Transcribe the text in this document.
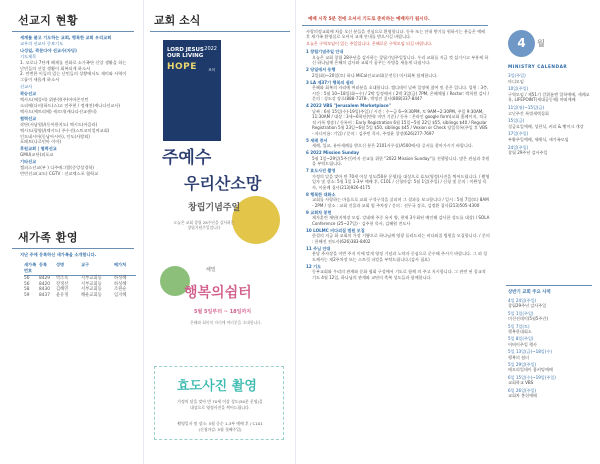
선교지 현황
세계를 품고 기도하는 교회, 행복한 교회 우리교회
교우의 선교사 중보기도
나성일, 곽문다야 선교사(자딩)
기도제목
1. 코로나 7단계 해제를 전화로 소가족단 신앙 생활을 하는
난민들의 신앙 생활이 회복되게 하소서
2. 연변한 이들의 있는 난민들의 상황에서도 재미와 사역이
그룹이 새롭게 하소서
선교사
곽승선교
엑사드(에플비) 위관현(주)아마존인턴
소피에(다비(하드)스)고 전주현 / 정재진(캐나다선교사)
엑사드(에트리에) 세르미(캐나다선교센터)
협력선교
작단(서남원)/(동아한지도) 엑시드(아클라)
엑시드(평양)/(엑시드) 주수선(스트코미얼여교회)
인도네시아(동남아시아), 인도(사랑외)
포페트(나로민아 이아)
후원교회 | 협력선교
GMU(교단)외포교
기타선교
캠퍼스선교(부 ) 디주에그람(중앙성경학)
빈민선교(교도) CGTV : 선교엑스포 협력교
새가족 환영
지난 주에 등록하신 새가족을 소개합니다.
새가족 번호
등록	성명	교구	배가처
56	8429	박조옥	서부교회등	하성혜
56	8420	강정선	서부교회등	하성혜
58	8430	김혜민	서부교회등	조원순
59	8437	윤유정	해운교회등	임지혜
교회 소식
LORD JESUS
OUR LIVING
HOPE
2022
표어
주예수
우리산소망
창립기념주일
오늘은 교회 창립 28주년을 감사하는
창립기념주일입니다
해밀
행복의쉼터
5월 5일부터 ~ 18일까지
은혜와 회복의 자리에 여러분을 초대합니다.
효도사진 촬영
가정의 달을 맞아 만 70세 이상 성도(50분 운영)을
대상으로 영정사진을 찍어드립니다.
촬영일자 및 장소: 5월 중순 1-3부 예배 후 / C101
(신청마감: 5월 첫째주일)
예배 시작 5분 전에 오셔서 기도로 준비하는 예배자가 됩시다.
사랑의정교회에 처음 오신 분들을 진심으로 환영합니다. 등록 또는 안내 받기를 원하시는 분들은 예배 후 새가족 환영실로 오셔서 교제 안내를 받으시길 바랍니다.
오늘은 구역모임이 있는 주일입니다. 은혜로운 구역모임 되길 바랍니다.
1 창립기념주일 안내
오늘은 교회 창립 28주년을 감사하는 창립기념주일입니다. 우리 교회를 지금 껏 섬기시고 부흥케 하신 하나님께 은혜의 감사와 교회가 꿈꾸는 사명을 새롭게 다짐시다.
2 당일에서 동행
2일(화)~20일(토) 하나 MiCal선교교회(문전동) 미사회복 함께합니다.
3 LA 제37기 행복의 쉼터
은혜와 회복의 자리에 여러분을 초대합니다. 캠디데이 날짜 일정에 참여 및 운은 입니다. 입원 : 3층, 시간 : 5월 10~18일(화~수) / 2박 일정에서 / 2박 3일(금) 7PM, 은혜체험 / Rector: 박희원 감사 / 문의 : 성도강 장로(888-7378-, 박정진 집사(808)337-8447
4 2022 VBS "Jerusalem Marketplace"
날짜 : 6월 15일(수)-19일(주일) / 시간 : 수~금 6~9:30PM, 토 9AM~2:30PM, 주일 9:30AM, 11:30AM / 대상 : 3세~6학년(만학 미만 기준) / 등록 : 온라인 google form(교회 홈페이지, 적극적 카톡 방송) / 등록비 : Early Registration 6월 15일~5월 22일 $55, siblings $40 / Regular Registration 5월 23일~6월 5일 $50, siblings $45 / Vexion or Check 당일목록(주일 후 VBS - 자녀이름: 기입) / 문의 : 김주민 목사, 주정윤 창장(626)277-7697
5 세례 증서
세례, 입교, 유아세례를 받으신 분은 2101사무실(A500에서) 증서를 찾아가시기 바랍니다.
6 2022 Mission Sunday
5월 1일~29일(5주간)까지 선교를 위한 "2022 Mission Sunday"를 진행합니다. 많은 관심과 후원을 부탁드립니다.
7 효도사진 촬영
가정의 달을 맞아 만 70세 이상 성도(50분 운영)를 대상으로 효도(영정)사진을 찍어드립니다. / 촬영일자 및 장소: 5월 1일 1-3부 예배 후, C101 / 신청마감: 5월 1일(주일) / 신청 및 문의 : 이완성 목사, 이윤례 집사(213)926-4175
8 행복한 대화소
교회를 사랑하는 마음으로 교회 구석구석을 살피며 그 결과를 보고합니다 / 일시 : 5월 7일(토) 8AM - 2PM / 장소 : 교회 건물과 교회 옆 주차장 / 문의 : 선무국 장로, 김정환 집사(213)505-4300
9 교회차 봉헌
제자훈련 재단(지역장 모임. 강네에 주중 유지 양, 현재 3우회된 배인해 감사한 성도를 대상) / SOLA Conference (25~27일) · 김주헌 목사, 김혜원 전도사
10 LOLMC 비다외집 범원 모집
한결의 지금 화 교회의 가장 기쁨으로 하나님께 영광 돌리드리는 비다외집 범원을 모집합니다. / 문의 : 한혜진 전도사(626)383-8402
11 주님 안대
분당 주자장을 이번 주지 이에 맞게 영정 기념과 노약자 중심으로 준수해 주시기 바랍니다. 그 외 성도께서는 제2주차장 또는 스트릿 파킹을 부탁드립니다.(감사 필요)
12 기도
동부교회와 우리의 관계와 문화 협회 구성에서 기도로 함께 의 주고 지시합니다. 그 관련 된 종교적 기도 4월 12일, 하나님의 관계와 교단의 축복 성도들과 함께합니다.
4	월
MINISTRY CALENDAR
3일(주일)
마디모임
10일(주일)
구역모임 / 제51기 갈위름엔 입학예배, 세례교육, LIFEPOINT(세대공동체) 야외예배
11일(월)~15일(금)
고난주간 특별새벽집회
15일(금)
성금요일예배, 성찬식, 커피 & 빵이크 개강
17일(주일)
부활주일예배, 세례식, 새가족모임
24일(주일)
창립 29주년 감사주일
상반기 교회 주요 사역
4일 24일(주일)
창립29주년 감사주일
5일 1일(주일)
미션선데이(5월5주간)
5일 7일(토)
행복한대회소
5일 8일(주일)
어버이주일 행사
5일 13일(금)~18일(수)
행복의 쉼터
5일 29일(주일)
메모리얼데이 홈커밍예배
6일 15일(수)~19일(주일)
교회학교 VBS
6일 26일(주일)
교회차 봉헌예배
